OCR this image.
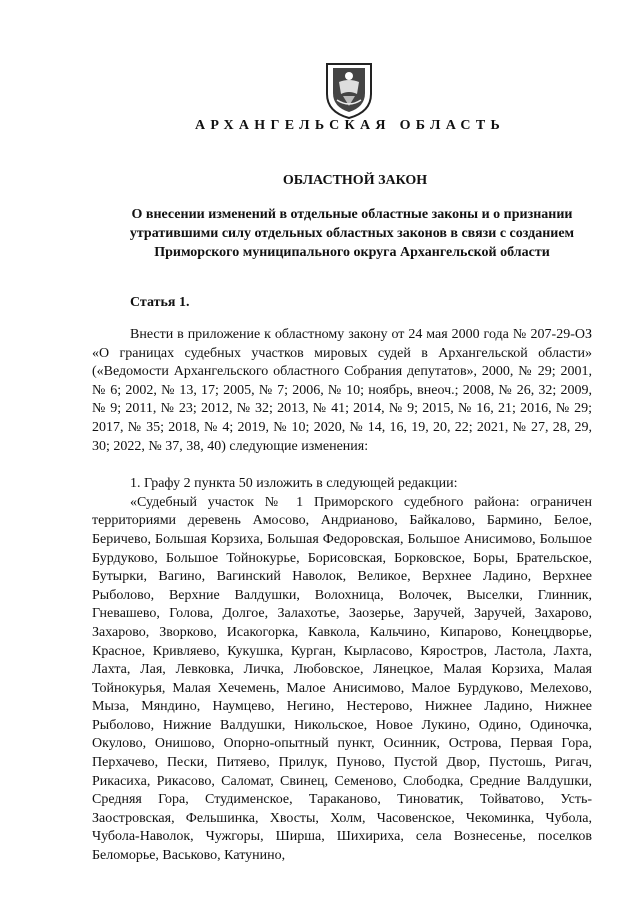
АРХАНГЕЛЬСКАЯ ОБЛАСТЬ
ОБЛАСТНОЙ ЗАКОН
О внесении изменений в отдельные областные законы и о признании утратившими силу отдельных областных законов в связи с созданием Приморского муниципального округа Архангельской области
Статья 1.

Внести в приложение к областному закону от 24 мая 2000 года № 207-29-ОЗ «О границах судебных участков мировых судей в Архангельской области» («Ведомости Архангельского областного Собрания депутатов», 2000, № 29; 2001, № 6; 2002, № 13, 17; 2005, № 7; 2006, № 10; ноябрь, внеоч.; 2008, № 26, 32; 2009, № 9; 2011, № 23; 2012, № 32; 2013, № 41; 2014, № 9; 2015, № 16, 21; 2016, № 29; 2017, № 35; 2018, № 4; 2019, № 10; 2020, № 14, 16, 19, 20, 22; 2021, № 27, 28, 29, 30; 2022, № 37, 38, 40) следующие изменения:

1. Графу 2 пункта 50 изложить в следующей редакции:

«Судебный участок № 1 Приморского судебного района: ограничен территориями деревень Амосово, Андрианово, Байкалово, Бармино, Белое, Беричево, Большая Корзиха, Большая Федоровская, Большое Анисимово, Большое Бурдуково, Большое Тойнокурье, Борисовская, Борковское, Боры, Брательское, Бутырки, Вагино, Вагинский Наволок, Великое, Верхнее Ладино, Верхнее Рыболово, Верхние Валдушки, Волохница, Волочек, Выселки, Глинник, Гневашево, Голова, Долгое, Залахотье, Заозерье, Заручей, Заручей, Захарово, Захарово, Зворково, Исакогорка, Кавкола, Кальчино, Кипарово, Конецдворье, Красное, Кривляево, Кукушка, Курган, Кырласово, Кяростров, Ластола, Лахта, Лахта, Лая, Левковка, Личка, Любовское, Лянецкое, Малая Корзиха, Малая Тойнокурья, Малая Хечемень, Малое Анисимово, Малое Бурдуково, Мелехово, Мыза, Мяндино, Наумцево, Негино, Нестерово, Нижнее Ладино, Нижнее Рыболово, Нижние Валдушки, Никольское, Новое Лукино, Одино, Одиночка, Окулово, Онишово, Опорно-опытный пункт, Осинник, Острова, Первая Гора, Перхачево, Пески, Питяево, Прилук, Пуново, Пустой Двор, Пустошь, Ригач, Рикасиха, Рикасово, Саломат, Свинец, Семеново, Слободка, Средние Валдушки, Средняя Гора, Студименское, Тараканово, Тиноватик, Тойватово, Усть-Заостровская, Фельшинка, Хвосты, Холм, Часовенское, Чекоминка, Чубола, Чубола-Наволок, Чужгоры, Ширша, Шихириха, села Вознесенье, поселков Беломорье, Васьково, Катунино,
